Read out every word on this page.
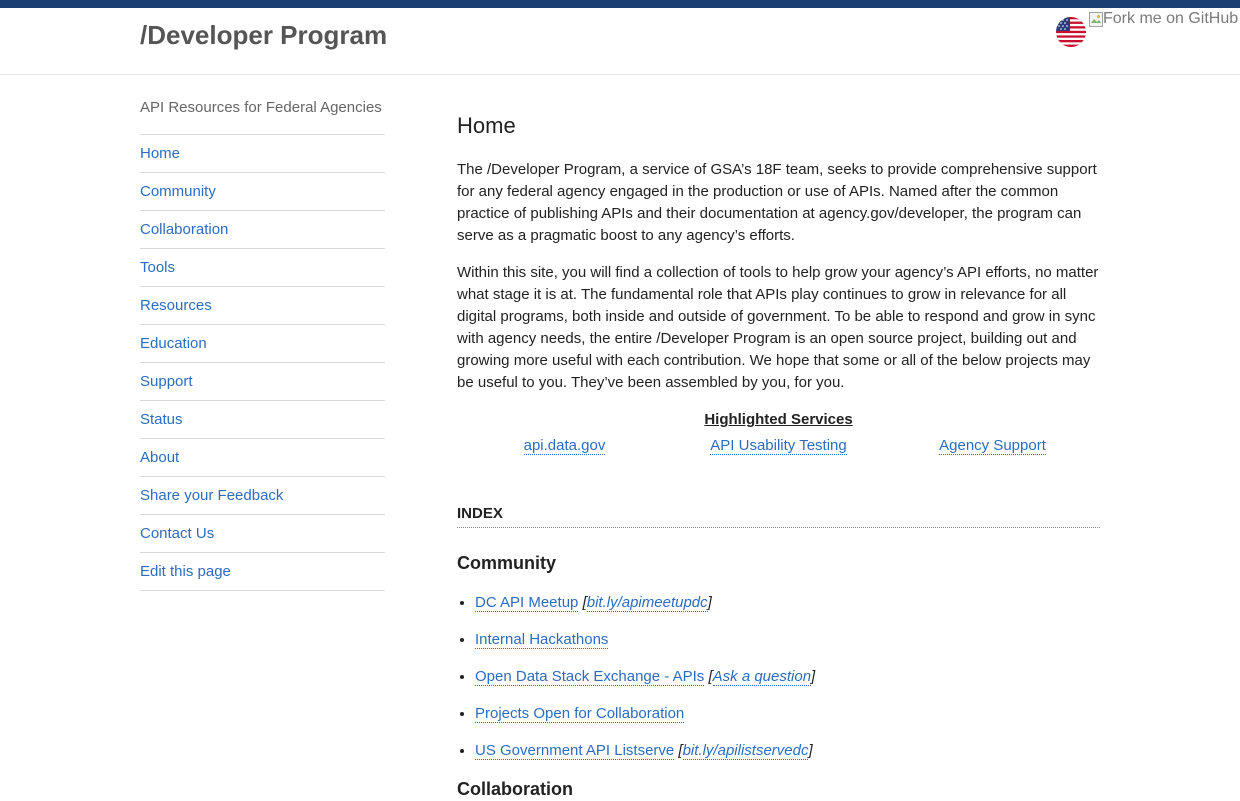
/Developer Program
Fork me on GitHub
API Resources for Federal Agencies
Home
Community
Collaboration
Tools
Resources
Education
Support
Status
About
Share your Feedback
Contact Us
Edit this page
Home

The /Developer Program, a service of GSA’s 18F team, seeks to provide comprehensive support for any federal agency engaged in the production or use of APIs. Named after the common practice of publishing APIs and their documentation at agency.gov/developer, the program can serve as a pragmatic boost to any agency’s efforts.

Within this site, you will find a collection of tools to help grow your agency’s API efforts, no matter what stage it is at. The fundamental role that APIs play continues to grow in relevance for all digital programs, both inside and outside of government. To be able to respond and grow in sync with agency needs, the entire /Developer Program is an open source project, building out and growing more useful with each contribution. We hope that some or all of the below projects may be useful to you. They’ve been assembled by you, for you.

Highlighted Services
api.data.gov	API Usability Testing	Agency Support
INDEX
Community
• DC API Meetup [bit.ly/apimeetupdc]
• Internal Hackathons
• Open Data Stack Exchange - APIs [Ask a question]
• Projects Open for Collaboration
• US Government API Listserve [bit.ly/apilistservedc]
Collaboration
